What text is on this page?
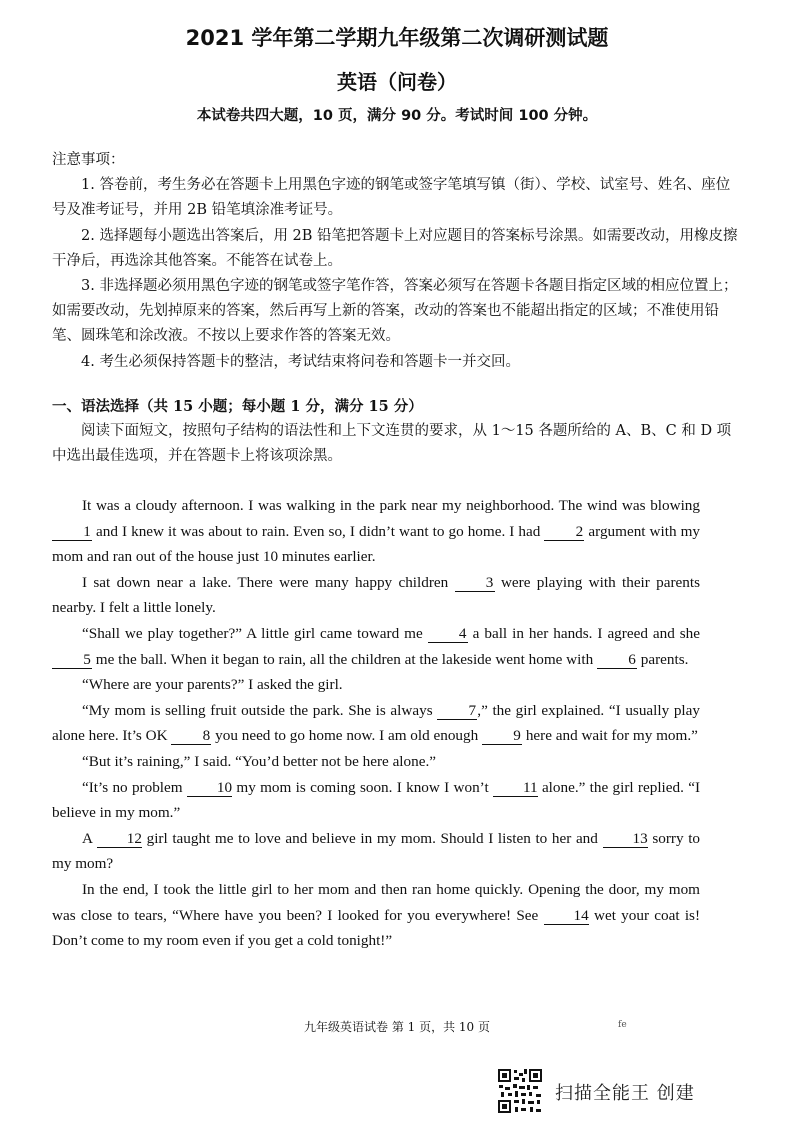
2021 学年第二学期九年级第二次调研测试题
英语（问卷）
本试卷共四大题，10 页，满分 90 分。考试时间 100 分钟。

注意事项：

1. 答卷前，考生务必在答题卡上用黑色字迹的钢笔或签字笔填写镇（街）、学校、试室号、姓名、座位号及准考证号，并用 2B 铅笔填涂准考证号。

2. 选择题每小题选出答案后，用 2B 铅笔把答题卡上对应题目的答案标号涂黑。如需要改动，用橡皮擦干净后，再选涂其他答案。不能答在试卷上。

3. 非选择题必须用黑色字迹的钢笔或签字笔作答，答案必须写在答题卡各题目指定区域的相应位置上；如需要改动，先划掉原来的答案，然后再写上新的答案，改动的答案也不能超出指定的区域；不准使用铅笔、圆珠笔和涂改液。不按以上要求作答的答案无效。

4. 考生必须保持答题卡的整洁，考试结束将问卷和答题卡一并交回。

一、语法选择（共 15 小题；每小题 1 分，满分 15 分）

阅读下面短文，按照句子结构的语法性和上下文连贯的要求，从 1～15 各题所给的 A、B、C 和 D 项中选出最佳选项，并在答题卡上将该项涂黑。

It was a cloudy afternoon. I was walking in the park near my neighborhood. The wind was blowing 1 and I knew it was about to rain. Even so, I didn’t want to go home. I had 2 argument with my mom and ran out of the house just 10 minutes earlier.

I sat down near a lake. There were many happy children 3 were playing with their parents nearby. I felt a little lonely.

“Shall we play together?” A little girl came toward me 4 a ball in her hands. I agreed and she 5 me the ball. When it began to rain, all the children at the lakeside went home with 6 parents.

“Where are your parents?” I asked the girl.

“My mom is selling fruit outside the park. She is always 7,” the girl explained. “I usually play alone here. It’s OK 8 you need to go home now. I am old enough 9 here and wait for my mom.”

“But it’s raining,” I said. “You’d better not be here alone.”

“It’s no problem 10 my mom is coming soon. I know I won’t 11 alone.” the girl replied. “I believe in my mom.”

A 12 girl taught me to love and believe in my mom. Should I listen to her and 13 sorry to my mom?

In the end, I took the little girl to her mom and then ran home quickly. Opening the door, my mom was close to tears, “Where have you been? I looked for you everywhere! See 14 wet your coat is! Don’t come to my room even if you get a cold tonight!”

九年级英语试卷 第 1 页，共 10 页	fe
扫描全能王 创建
